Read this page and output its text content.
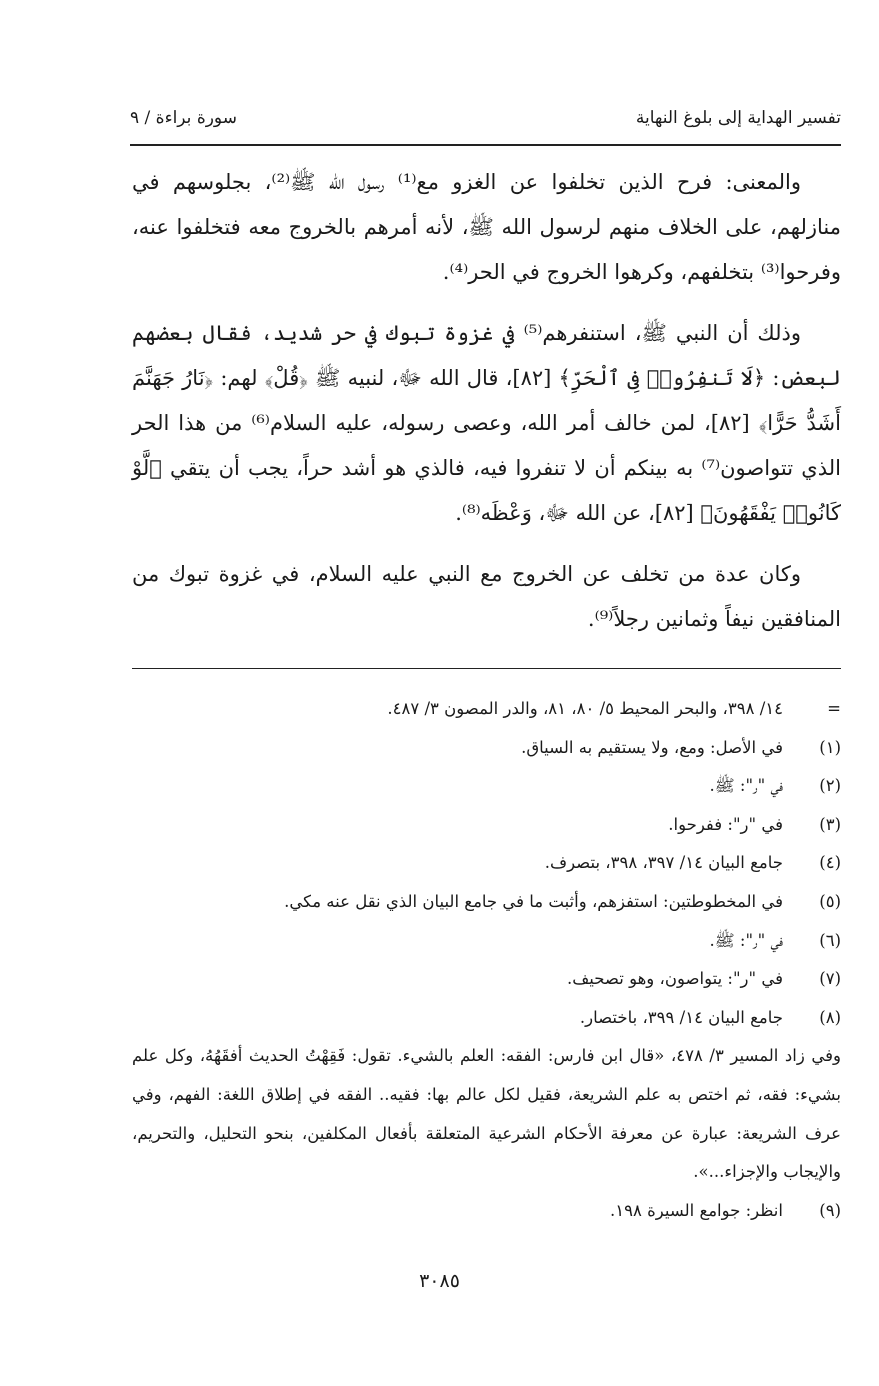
تفسير الهداية إلى بلوغ النهاية
سورة براءة / ٩

والمعنى: فرح الذين تخلفوا عن الغزو مع⁽¹⁾ رسول الله ﷺ⁽²⁾، بجلوسهم في منازلهم، على الخلاف منهم لرسول الله ﷺ، لأنه أمرهم بالخروج معه فتخلفوا عنه، وفرحوا⁽³⁾ بتخلفهم، وكرهوا الخروج في الحر⁽⁴⁾.

وذلك أن النبي ﷺ، استنفرهم⁽⁵⁾ في غزوة تبوك في حر شديد، فقال بعضهم لبعض: ﴿لَا تَنفِرُوا۟ فِى ٱلْحَرِّ﴾ [٨٢]، قال الله ﷻ، لنبيه ﷺ ﴿قُلْ﴾ لهم: ﴿نَارُ جَهَنَّمَ أَشَدُّ حَرًّا﴾ [٨٢]، لمن خالف أمر الله، وعصى رسوله، عليه السلام⁽⁶⁾ من هذا الحر الذي تتواصون⁽⁷⁾ به بينكم أن لا تنفروا فيه، فالذي هو أشد حراً، يجب أن يتقي ﴿لَّوْ كَانُوا۟ يَفْقَهُونَ﴾ [٨٢]، عن الله ﷻ، وَعْظَه⁽⁸⁾.

وكان عدة من تخلف عن الخروج مع النبي عليه السلام، في غزوة تبوك من المنافقين نيفاً وثمانين رجلاً⁽⁹⁾.

=
١٤/ ٣٩٨، والبحر المحيط ٥/ ٨٠، ٨١، والدر المصون ٣/ ٤٨٧.
(١)
في الأصل: ومع، ولا يستقيم به السياق.
(٢)
في "ر": ﷺ.
(٣)
في "ر": ففرحوا.
(٤)
جامع البيان ١٤/ ٣٩٧، ٣٩٨، بتصرف.
(٥)
في المخطوطتين: استفزهم، وأثبت ما في جامع البيان الذي نقل عنه مكي.
(٦)
في "ر": ﷺ.
(٧)
في "ر": يتواصون، وهو تصحيف.
(٨)
جامع البيان ١٤/ ٣٩٩، باختصار.
وفي زاد المسير ٣/ ٤٧٨، «قال ابن فارس: الفقه: العلم بالشيء. تقول: فَقِهْتُ الحديث أفقَهُهُ، وكل علم بشيء: فقه، ثم اختص به علم الشريعة، فقيل لكل عالم بها: فقيه.. الفقه في إطلاق اللغة: الفهم، وفي عرف الشريعة: عبارة عن معرفة الأحكام الشرعية المتعلقة بأفعال المكلفين، بنحو التحليل، والتحريم، والإيجاب والإجزاء...».
(٩)
انظر: جوامع السيرة ١٩٨.
٣٠٨٥
